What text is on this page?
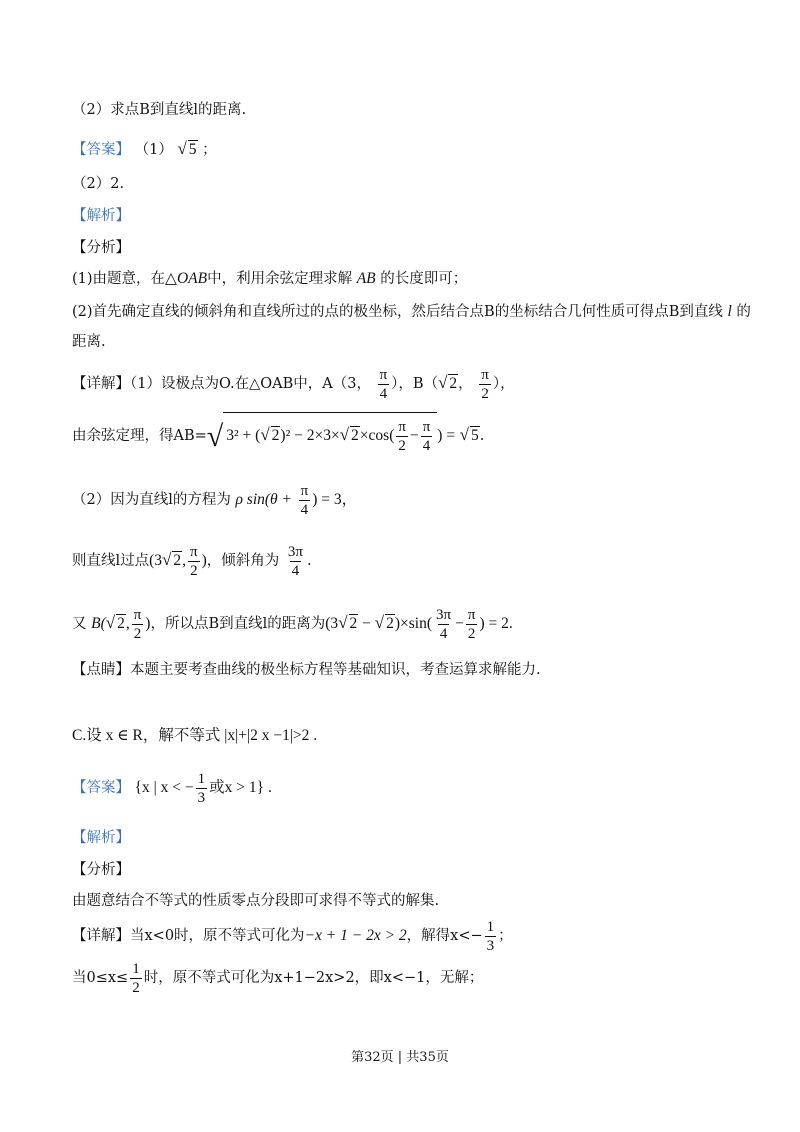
（2）求点B到直线l的距离.
【答案】 （1） √ 5 ；
（2）2.
【解析】
【分析】
(1)由题意，在△OAB中，利用余弦定理求解 AB 的长度即可；
(2)首先确定直线的倾斜角和直线所过的点的极坐标，然后结合点B的坐标结合几何性质可得点B到直线 l 的
距离.
【详解】（1）设极点为O.在△OAB中，A（3， $\frac{\pi}{4}$ ），B（√ 2， $\frac{\pi}{2}$ ），
由余弦定理，得AB=√ 3² + (√ 2)² − 2×3×√ $2\times\cos( \frac{\pi}{2} - \frac{\pi}{4}$ ) = √ 5.
（2）因为直线l的方程为 ρ $\sin(\theta + \frac{\pi}{4}$ ) = 3，
则直线l过点(3√ 2, $\frac{\pi}{2}$ )，倾斜角为 $\frac{3\pi}{4}$ .
又 B(√ 2, $\frac{\pi}{2}$ )，所以点B到直线l的距离为(3√ 2 − √ $2)\times\sin( \frac{3\pi}{4} - \frac{\pi}{2}$ ) = 2.
【点睛】本题主要考查曲线的极坐标方程等基础知识，考查运算求解能力.
C.设 x ∈ R，解不等式 |x|+|2 x −1|>2 .
【答案】 {x | x < − $\frac{1}{3}$ 或x > 1} .
【解析】
【分析】
由题意结合不等式的性质零点分段即可求得不等式的解集.
【详解】当x<0时，原不等式可化为−x + 1 − 2x > 2，解得$x<- \frac{1}{3}$ ；
当$0\le x\le \frac{1}{2}$ 时，原不等式可化为x+1−2x>2，即x<−1，无解；
第32页 | 共35页
